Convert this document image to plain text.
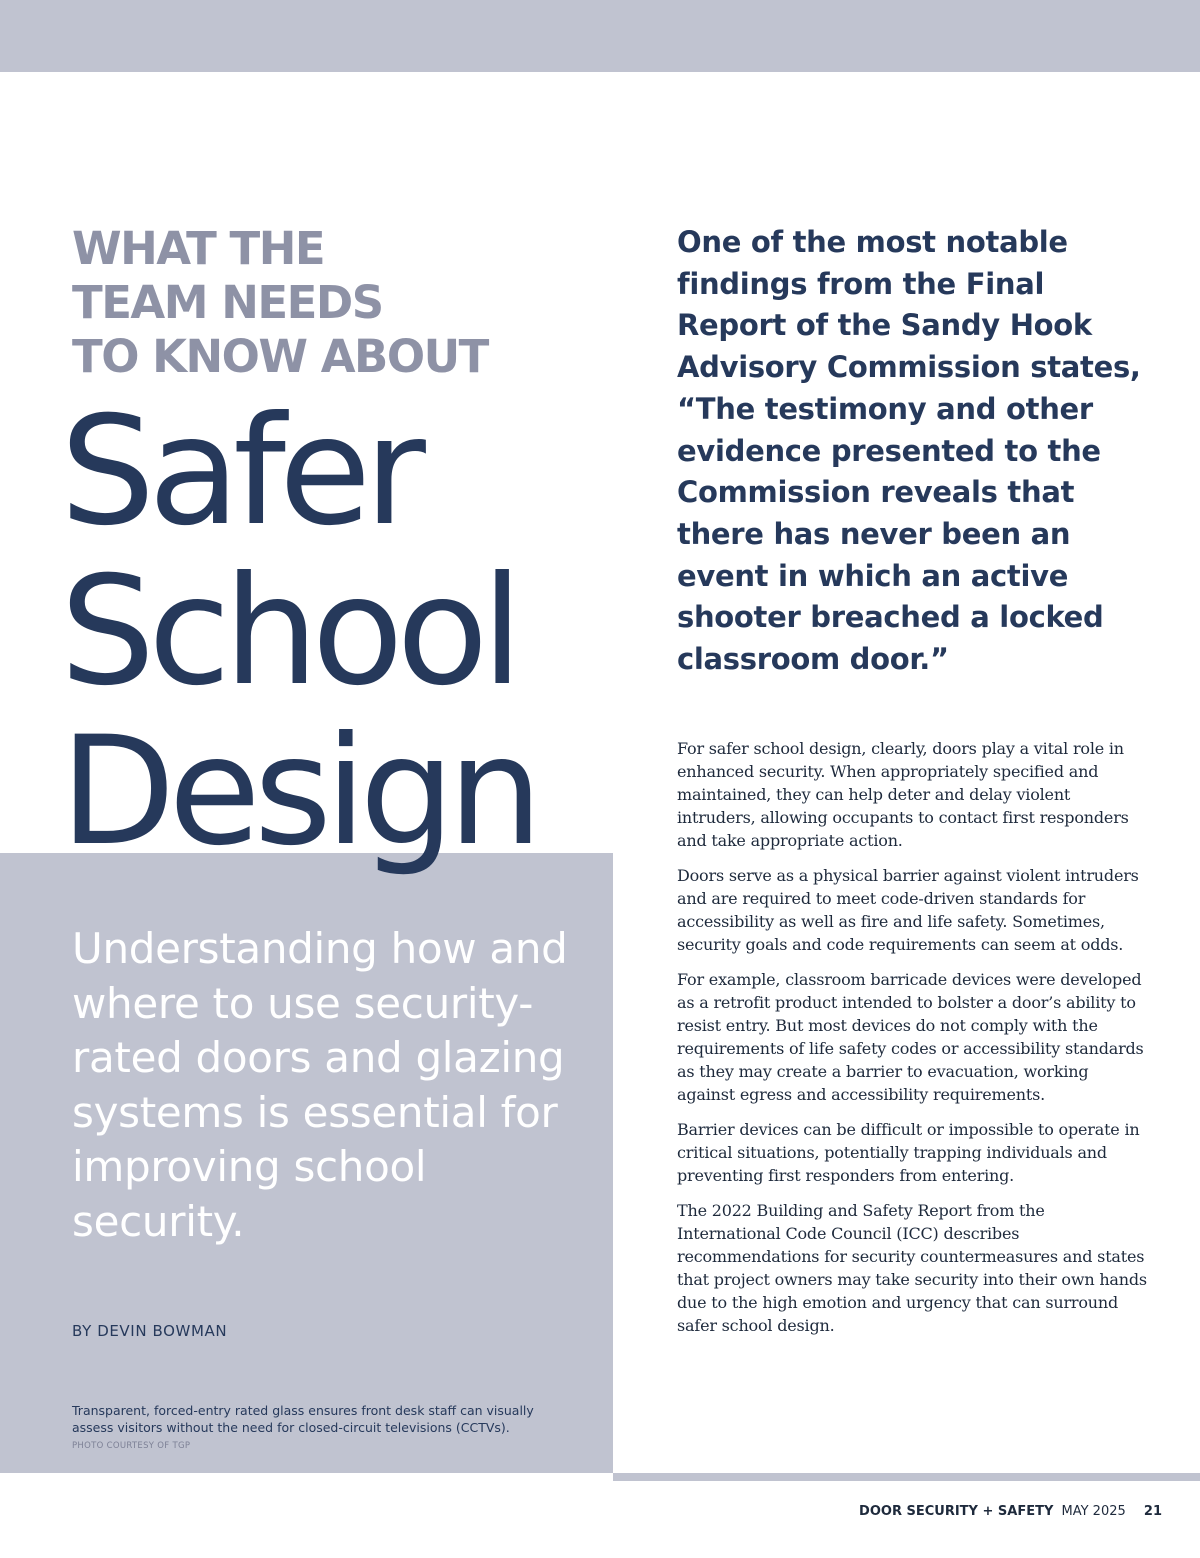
WHAT THE
TEAM NEEDS
TO KNOW ABOUT
Safer
School
Design

Understanding how and where to use security-rated doors and glazing systems is essential for improving school security.

BY DEVIN BOWMAN

Transparent, forced-entry rated glass ensures front desk staff can visually assess visitors without the need for closed-circuit televisions (CCTVs).

PHOTO COURTESY OF TGP

One of the most notable findings from the Final Report of the Sandy Hook Advisory Commission states, “The testimony and other evidence presented to the Commission reveals that there has never been an event in which an active shooter breached a locked classroom door.”

For safer school design, clearly, doors play a vital role in enhanced security. When appropriately specified and maintained, they can help deter and delay violent intruders, allowing occupants to contact first responders and take appropriate action.

Doors serve as a physical barrier against violent intruders and are required to meet code-driven standards for accessibility as well as fire and life safety. Sometimes, security goals and code requirements can seem at odds.

For example, classroom barricade devices were developed as a retrofit product intended to bolster a door’s ability to resist entry. But most devices do not comply with the requirements of life safety codes or accessibility standards as they may create a barrier to evacuation, working against egress and accessibility requirements.

Barrier devices can be difficult or impossible to operate in critical situations, potentially trapping individuals and preventing first responders from entering.

The 2022 Building and Safety Report from the International Code Council (ICC) describes recommendations for security countermeasures and states that project owners may take security into their own hands due to the high emotion and urgency that can surround safer school design.

DOOR SECURITY + SAFETY MAY 2025 21
